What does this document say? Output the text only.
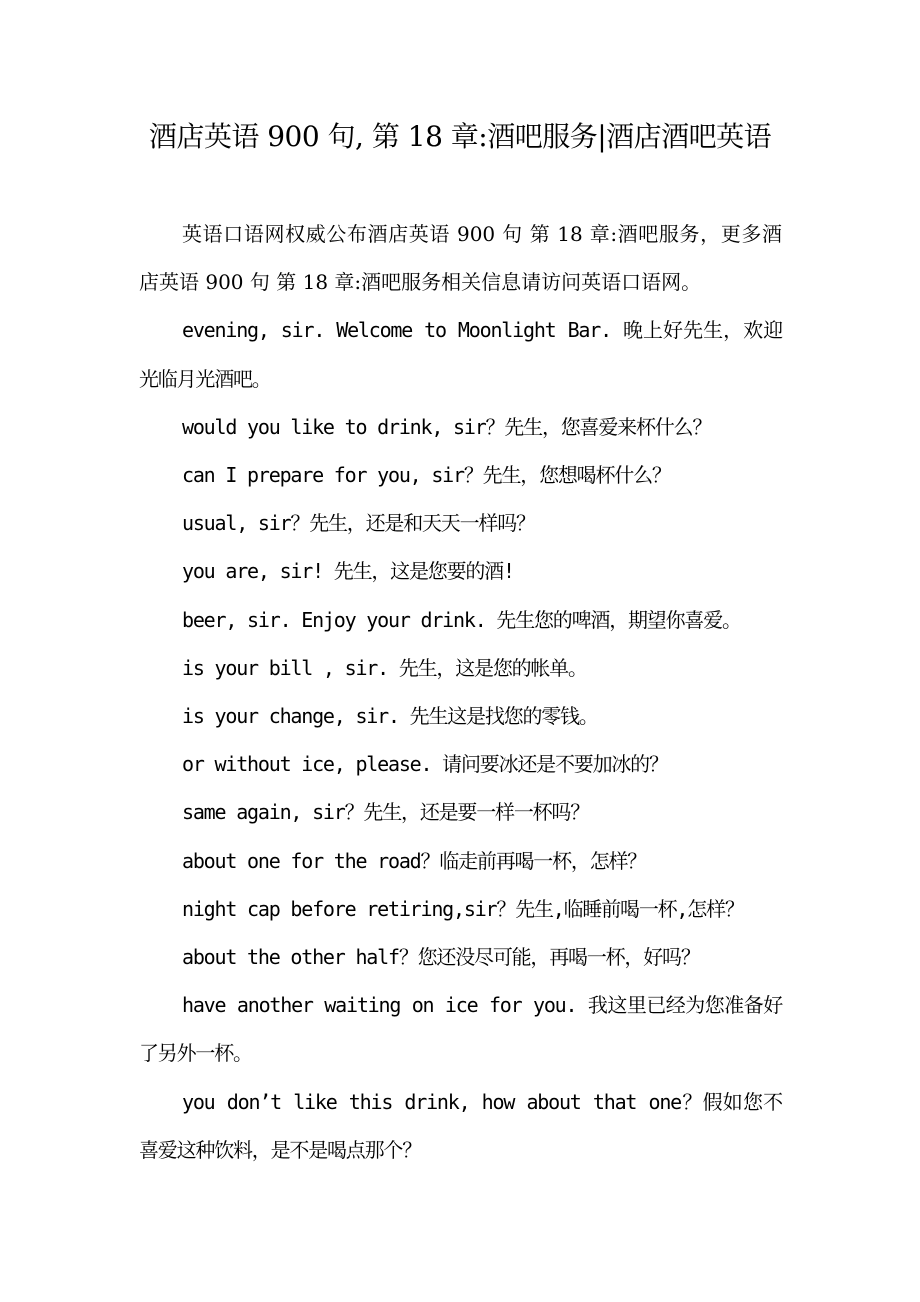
酒店英语 900 句, 第 18 章:酒吧服务|酒店酒吧英语

英语口语网权威公布酒店英语 900 句 第 18 章:酒吧服务，更多酒店英语 900 句 第 18 章:酒吧服务相关信息请访问英语口语网。

evening, sir. Welcome to Moonlight Bar. 晚上好先生，欢迎光临月光酒吧。

would you like to drink, sir？先生，您喜爱来杯什么？

can I prepare for you, sir？先生，您想喝杯什么？

usual, sir？先生，还是和天天一样吗？

you are, sir! 先生，这是您要的酒!

beer, sir. Enjoy your drink. 先生您的啤酒，期望你喜爱。

is your bill , sir. 先生，这是您的帐单。

is your change, sir. 先生这是找您的零钱。

or without ice, please. 请问要冰还是不要加冰的？

same again, sir？先生，还是要一样一杯吗？

about one for the road？临走前再喝一杯，怎样？

night cap before retiring,sir？先生,临睡前喝一杯,怎样？

about the other half？您还没尽可能，再喝一杯，好吗？

have another waiting on ice for you. 我这里已经为您准备好了另外一杯。

you don’t like this drink, how about that one？假如您不喜爱这种饮料，是不是喝点那个？
